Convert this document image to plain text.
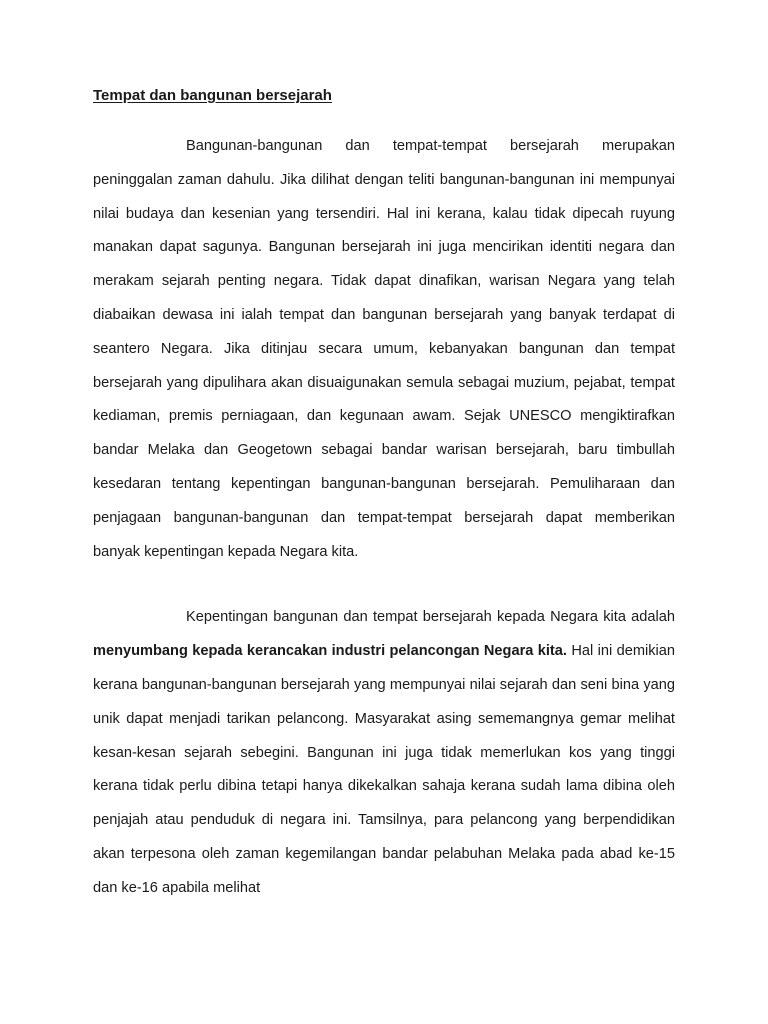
Tempat dan bangunan bersejarah

Bangunan-bangunan dan tempat-tempat bersejarah merupakan peninggalan zaman dahulu. Jika dilihat dengan teliti bangunan-bangunan ini mempunyai nilai budaya dan kesenian yang tersendiri. Hal ini kerana, kalau tidak dipecah ruyung manakan dapat sagunya. Bangunan bersejarah ini juga mencirikan identiti negara dan merakam sejarah penting negara. Tidak dapat dinafikan, warisan Negara yang telah diabaikan dewasa ini ialah tempat dan bangunan bersejarah yang banyak terdapat di seantero Negara. Jika ditinjau secara umum, kebanyakan bangunan dan tempat bersejarah yang dipulihara akan disuaigunakan semula sebagai muzium, pejabat, tempat kediaman, premis perniagaan, dan kegunaan awam. Sejak UNESCO mengiktirafkan bandar Melaka dan Geogetown sebagai bandar warisan bersejarah, baru timbullah kesedaran tentang kepentingan bangunan-bangunan bersejarah. Pemuliharaan dan penjagaan bangunan-bangunan dan tempat-tempat bersejarah dapat memberikan banyak kepentingan kepada Negara kita.

Kepentingan bangunan dan tempat bersejarah kepada Negara kita adalah menyumbang kepada kerancakan industri pelancongan Negara kita. Hal ini demikian kerana bangunan-bangunan bersejarah yang mempunyai nilai sejarah dan seni bina yang unik dapat menjadi tarikan pelancong. Masyarakat asing sememangnya gemar melihat kesan-kesan sejarah sebegini. Bangunan ini juga tidak memerlukan kos yang tinggi kerana tidak perlu dibina tetapi hanya dikekalkan sahaja kerana sudah lama dibina oleh penjajah atau penduduk di negara ini. Tamsilnya, para pelancong yang berpendidikan akan terpesona oleh zaman kegemilangan bandar pelabuhan Melaka pada abad ke-15 dan ke-16 apabila melihat
